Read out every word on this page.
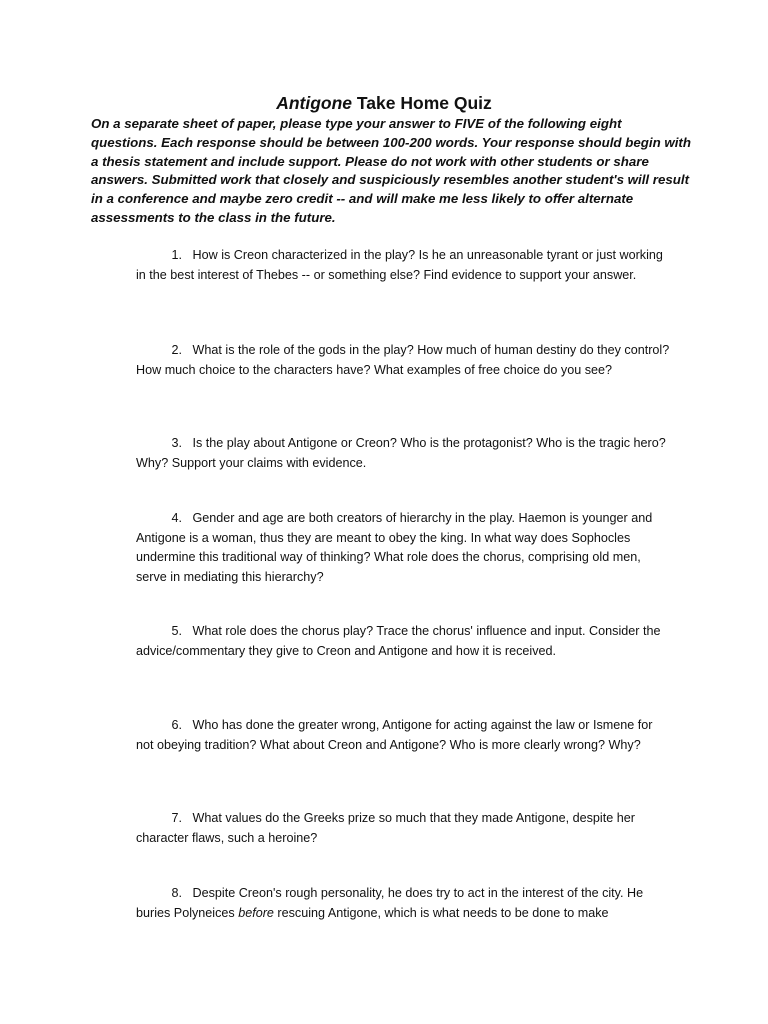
Antigone Take Home Quiz
On a separate sheet of paper, please type your answer to FIVE of the following eight questions. Each response should be between 100-200 words. Your response should begin with a thesis statement and include support. Please do not work with other students or share answers. Submitted work that closely and suspiciously resembles another student's will result in a conference and maybe zero credit -- and will make me less likely to offer alternate assessments to the class in the future.
1. How is Creon characterized in the play? Is he an unreasonable tyrant or just working in the best interest of Thebes -- or something else? Find evidence to support your answer.
2. What is the role of the gods in the play? How much of human destiny do they control? How much choice to the characters have? What examples of free choice do you see?
3. Is the play about Antigone or Creon? Who is the protagonist? Who is the tragic hero? Why? Support your claims with evidence.
4. Gender and age are both creators of hierarchy in the play. Haemon is younger and Antigone is a woman, thus they are meant to obey the king. In what way does Sophocles undermine this traditional way of thinking? What role does the chorus, comprising old men, serve in mediating this hierarchy?
5. What role does the chorus play? Trace the chorus' influence and input. Consider the advice/commentary they give to Creon and Antigone and how it is received.
6. Who has done the greater wrong, Antigone for acting against the law or Ismene for not obeying tradition? What about Creon and Antigone? Who is more clearly wrong? Why?
7. What values do the Greeks prize so much that they made Antigone, despite her character flaws, such a heroine?
8. Despite Creon's rough personality, he does try to act in the interest of the city. He buries Polyneices before rescuing Antigone, which is what needs to be done to make
